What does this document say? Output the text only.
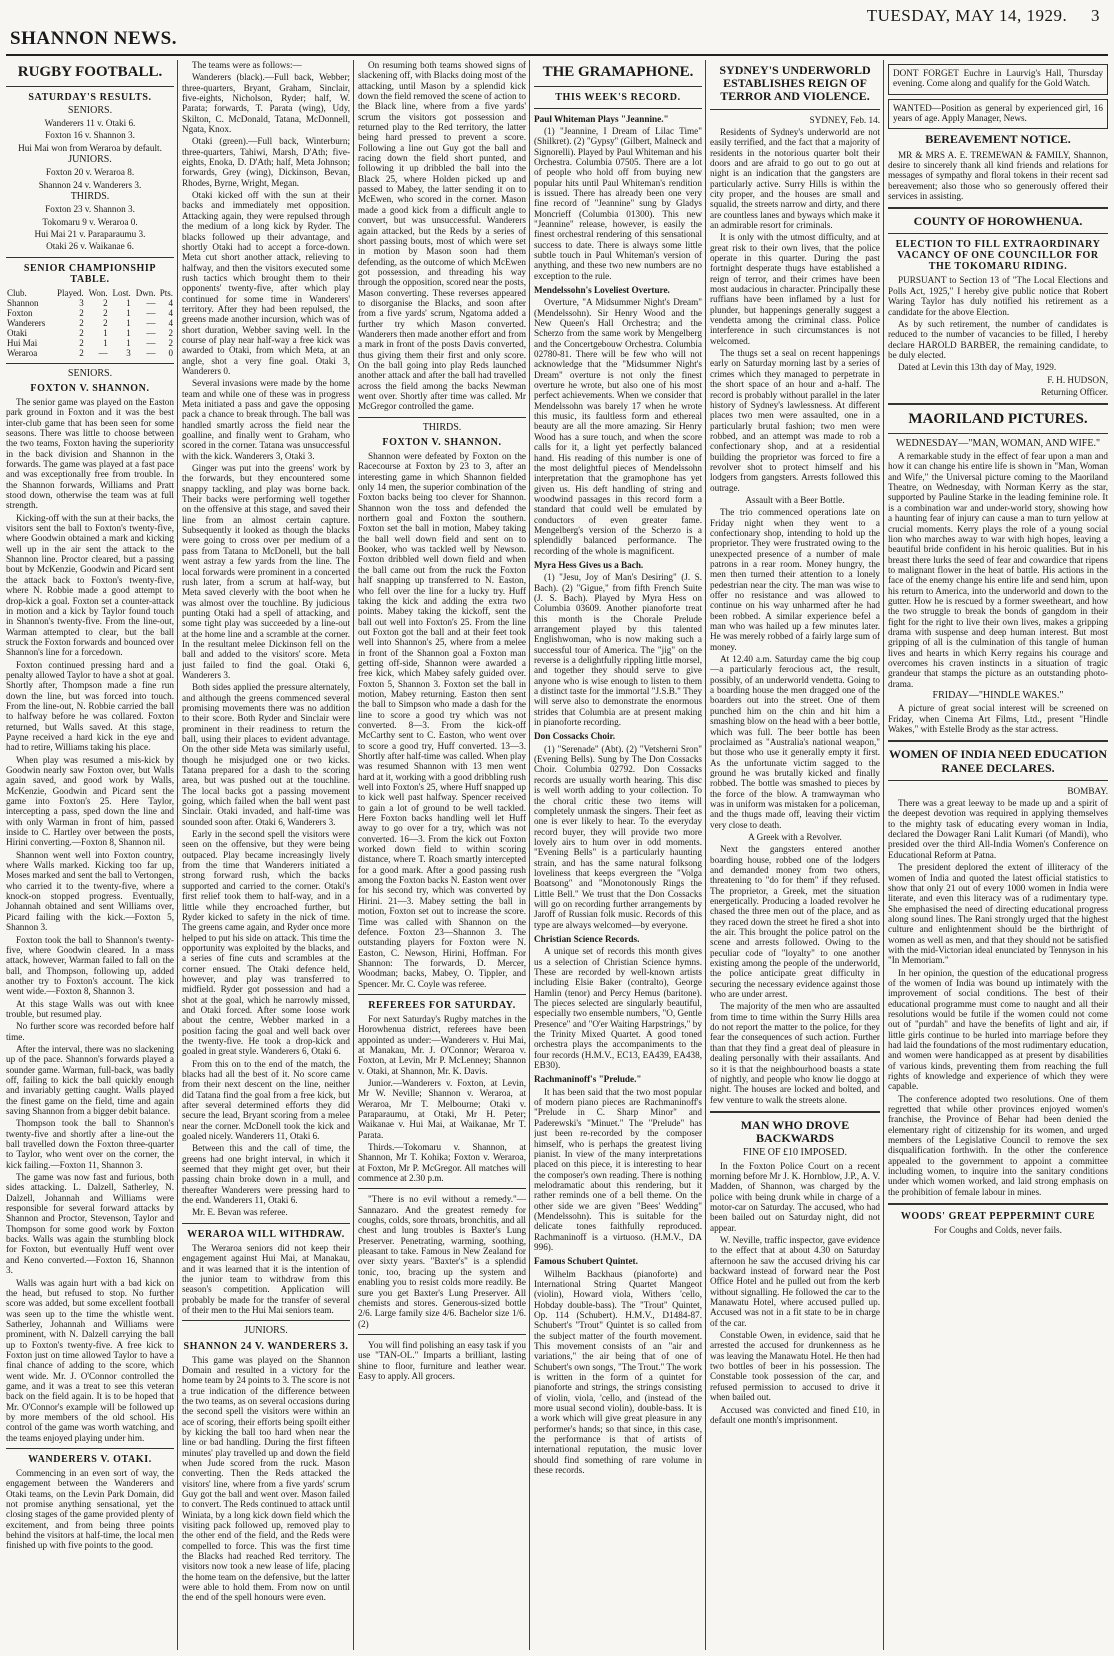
SHANNON NEWS.
TUESDAY, MAY 14, 1929. 3
RUGBY FOOTBALL.
SATURDAY'S RESULTS.
SENIORS.

Wanderers 11 v. Otaki 6.

Foxton 16 v. Shannon 3.

Hui Mai won from Weraroa by default.

JUNIORS.

Foxton 20 v. Weraroa 8.

Shannon 24 v. Wanderers 3.

THIRDS.

Foxton 23 v. Shannon 3.

Tokomaru 9 v. Weraroa 0.

Hui Mai 21 v. Paraparaumu 3.

Otaki 26 v. Waikanae 6.

SENIOR CHAMPIONSHIP TABLE.
Club.	Played.	Won.	Lost.	Dwn.	Pts.
Shannon	3	2	1	—	4
Foxton	2	2	1	—	4
Wanderers	2	2	1	—	4
Otaki	2	1	1	—	2
Hui Mai	2	1	1	—	2
Weraroa	2	—	3	—	0
SENIORS.
FOXTON V. SHANNON.

The senior game was played on the Easton park ground in Foxton and it was the best inter-club game that has been seen for some seasons. There was little to choose between the two teams, Foxton having the superiority in the back division and Shannon in the forwards. The game was played at a fast pace and was exceptionally free from trouble. In the Shannon forwards, Williams and Pratt stood down, otherwise the team was at full strength.

Kicking-off with the sun at their backs, the visitors sent the ball to Foxton's twenty-five, where Goodwin obtained a mark and kicking well up in the air sent the attack to the Shannon line. Proctor cleared, but a passing bout by McKenzie, Goodwin and Picard sent the attack back to Foxton's twenty-five, where N. Robbie made a good attempt to drop-kick a goal. Foxton set a counter-attack in motion and a kick by Taylor found touch in Shannon's twenty-five. From the line-out, Warman attempted to clear, but the ball struck the Foxton forwards and bounced over Shannon's line for a forcedown.

Foxton continued pressing hard and a penalty allowed Taylor to have a shot at goal. Shortly after, Thompson made a fine run down the line, but was forced into touch. From the line-out, N. Robbie carried the ball to halfway before he was collared. Foxton returned, but Walls saved. At this stage, Payne received a hard kick in the eye and had to retire, Williams taking his place.

When play was resumed a mis-kick by Goodwin nearly saw Foxton over, but Walls again saved, and good work by Walls, McKenzie, Goodwin and Picard sent the game into Foxton's 25. Here Taylor, intercepting a pass, sped down the line and with only Warman in front of him, passed inside to C. Hartley over between the posts, Hirini converting.—Foxton 8, Shannon nil.

Shannon went well into Foxton country, where Walls marked. Kicking too far up, Moses marked and sent the ball to Vertongen, who carried it to the twenty-five, where a knock-on stopped progress. Eventually, Johannah obtained and sent Williams over, Picard failing with the kick.—Foxton 5, Shannon 3.

Foxton took the ball to Shannon's twenty-five, where Goodwin cleared. In a mass attack, however, Warman failed to fall on the ball, and Thompson, following up, added another try to Foxton's account. The kick went wide.—Foxton 8, Shannon 3.

At this stage Walls was out with knee trouble, but resumed play.

No further score was recorded before half time.

After the interval, there was no slackening up of the pace. Shannon's forwards played a sounder game. Warman, full-back, was badly off, failing to kick the ball quickly enough and invariably getting caught. Walls played the finest game on the field, time and again saving Shannon from a bigger debit balance.

Thompson took the ball to Shannon's twenty-five and shortly after a line-out the ball travelled down the Foxton three-quarter to Taylor, who went over on the corner, the kick failing.—Foxton 11, Shannon 3.

The game was now fast and furious, both sides attacking. L. Dalzell, Satherley, N. Dalzell, Johannah and Williams were responsible for several forward attacks by Shannon and Proctor, Stevenson, Taylor and Thompson for some good work by Foxton backs. Walls was again the stumbling block for Foxton, but eventually Huff went over and Keno converted.—Foxton 16, Shannon 3.

Walls was again hurt with a bad kick on the head, but refused to stop. No further score was added, but some excellent football was seen up to the time the whistle went. Satherley, Johannah and Williams were prominent, with N. Dalzell carrying the ball up to Foxton's twenty-five. A free kick to Foxton just on time allowed Taylor to have a final chance of adding to the score, which went wide. Mr. J. O'Connor controlled the game, and it was a treat to see this veteran back on the field again. It is to be hoped that Mr. O'Connor's example will be followed up by more members of the old school. His control of the game was worth watching, and the teams enjoyed playing under him.

WANDERERS V. OTAKI.

Commencing in an even sort of way, the engagement between the Wanderers and Otaki teams, on the Levin Park Domain, did not promise anything sensational, yet the closing stages of the game provided plenty of excitement, and from being three points behind the visitors at half-time, the local men finished up with five points to the good.

The teams were as follows:—

Wanderers (black).—Full back, Webber; three-quarters, Bryant, Graham, Sinclair, five-eights, Nicholson, Ryder; half, W. Parata; forwards, T. Parata (wing), Udy, Skilton, C. McDonald, Tatana, McDonnell, Ngata, Knox.

Otaki (green).—Full back, Winterburn; three-quarters, Tahiwi, Marsh, D'Ath; five-eights, Enoka, D. D'Ath; half, Meta Johnson; forwards, Grey (wing), Dickinson, Bevan, Rhodes, Byrne, Wright, Megan.

Otaki kicked off with the sun at their backs and immediately met opposition. Attacking again, they were repulsed through the medium of a long kick by Ryder. The blacks followed up their advantage, and shortly Otaki had to accept a force-down. Meta cut short another attack, relieving to halfway, and then the visitors executed some rush tactics which brought them to their opponents' twenty-five, after which play continued for some time in Wanderers' territory. After they had been repulsed, the greens made another incursion, which was of short duration, Webber saving well. In the course of play near half-way a free kick was awarded to Otaki, from which Meta, at an angle, shot a very fine goal. Otaki 3, Wanderers 0.

Several invasions were made by the home team and while one of these was in progress Meta initiated a pass and gave the opposing pack a chance to break through. The ball was handled smartly across the field near the goalline, and finally went to Graham, who scored in the corner. Tatana was unsuccessful with the kick. Wanderers 3, Otaki 3.

Ginger was put into the greens' work by the forwards, but they encountered some snappy tackling, and play was borne back. Their backs were performing well together on the offensive at this stage, and saved their line from an almost certain capture. Subsequently it looked as though the blacks were going to cross over per medium of a pass from Tatana to McDonell, but the ball went astray a few yards from the line. The local forwards were prominent in a concerted rush later, from a scrum at half-way, but Meta saved cleverly with the boot when he was almost over the touchline. By judicious punting Otaki had a spell of attacking, and some tight play was succeeded by a line-out at the home line and a scramble at the corner. In the resultant melee Dickinson fell on the ball and added to the visitors' score. Meta just failed to find the goal. Otaki 6, Wanderers 3.

Both sides applied the pressure alternately, and although the greens commenced several promising movements there was no addition to their score. Both Ryder and Sinclair were prominent in their readiness to return the ball, using their places to evident advantage. On the other side Meta was similarly useful, though he misjudged one or two kicks. Tatana prepared for a dash to the scoring area, but was pushed out at the touchline. The local backs got a passing movement going, which failed when the ball went past Sinclair. Otaki invaded, and half-time was sounded soon after. Otaki 6, Wanderers 3.

Early in the second spell the visitors were seen on the offensive, but they were being outpaced. Play became increasingly lively from the time that Wanderers initiated a strong forward rush, which the backs supported and carried to the corner. Otaki's first relief took them to half-way, and in a little while they encroached further, but Ryder kicked to safety in the nick of time. The greens came again, and Ryder once more helped to put his side on attack. This time the opportunity was exploited by the blacks, and a series of fine cuts and scrambles at the corner ensued. The Otaki defence held, however, and play was transferred to midfield. Ryder got possession and had a shot at the goal, which he narrowly missed, and Otaki forced. After some loose work about the centre, Webber marked in a position facing the goal and well back over the twenty-five. He took a drop-kick and goaled in great style. Wanderers 6, Otaki 6.

From this on to the end of the match, the blacks had all the best of it. No score came from their next descent on the line, neither did Tatana find the goal from a free kick, but after several determined efforts they did secure the lead, Bryant scoring from a melee near the corner. McDonell took the kick and goaled nicely. Wanderers 11, Otaki 6.

Between this and the call of time, the greens had one bright interval, in which it seemed that they might get over, but their passing chain broke down in a mull, and thereafter Wanderers were pressing hard to the end. Wanderers 11, Otaki 6.

Mr. E. Bevan was referee.

WERAROA WILL WITHDRAW.

The Weraroa seniors did not keep their engagement against Hui Mai, at Manakau, and it was learned that it is the intention of the junior team to withdraw from this season's competition. Application will probably be made for the transfer of several of their men to the Hui Mai seniors team.

JUNIORS.
SHANNON 24 V. WANDERERS 3.

This game was played on the Shannon Domain and resulted in a victory for the home team by 24 points to 3. The score is not a true indication of the difference between the two teams, as on several occasions during the second spell the visitors were within an ace of scoring, their efforts being spoilt either by kicking the ball too hard when near the line or bad handling. During the first fifteen minutes' play travelled up and down the field when Jude scored from the ruck. Mason converting. Then the Reds attacked the visitors' line, where from a five yards' scrum Guy got the ball and went over. Mason failed to convert. The Reds continued to attack until Winiata, by a long kick down field which the visiting pack followed up, removed play to the other end of the field, and the Reds were compelled to force. This was the first time the Blacks had reached Red territory. The visitors now took a new lease of life, placing the home team on the defensive, but the latter were able to hold them. From now on until the end of the spell honours were even.

On resuming both teams showed signs of slackening off, with Blacks doing most of the attacking, until Mason by a splendid kick down the field removed the scene of action to the Black line, where from a five yards' scrum the visitors got possession and returned play to the Red territory, the latter being hard pressed to prevent a score. Following a line out Guy got the ball and racing down the field short punted, and following it up dribbled the ball into the Black 25, where Holden picked up and passed to Mabey, the latter sending it on to McEwen, who scored in the corner. Mason made a good kick from a difficult angle to convert, but was unsuccessful. Wanderers again attacked, but the Reds by a series of short passing bouts, most of which were set in motion by Mason soon had them defending, as the outcome of which McEwen got possession, and threading his way through the opposition, scored near the posts, Mason converting. These reverses appeared to disorganise the Blacks, and soon after from a five yards' scrum, Ngatoma added a further try which Mason converted. Wanderers then made another effort and from a mark in front of the posts Davis converted, thus giving them their first and only score. On the ball going into play Reds launched another attack and after the ball had travelled across the field among the backs Newman went over. Shortly after time was called. Mr McGregor controlled the game.

THIRDS.
FOXTON V. SHANNON.

Shannon were defeated by Foxton on the Racecourse at Foxton by 23 to 3, after an interesting game in which Shannon fielded only 14 men, the superior combination of the Foxton backs being too clever for Shannon. Shannon won the toss and defended the northern goal and Foxton the southern. Foxton set the ball in motion, Mabey taking the ball well down field and sent on to Booker, who was tackled well by Newson. Foxton dribbled well down field and when the ball came out from the ruck the Foxton half snapping up transferred to N. Easton, who fell over the line for a lucky try. Huff taking the kick and adding the extra two points. Mabey taking the kickoff, sent the ball out well into Foxton's 25. From the line out Foxton got the ball and at their feet took well into Shannon's 25, where from a melee in front of the Shannon goal a Foxton man getting off-side, Shannon were awarded a free kick, which Mabey safely guided over. Foxton 5, Shannon 3. Foxton set the ball in motion, Mabey returning. Easton then sent the ball to Simpson who made a dash for the line to score a good try which was not converted. 8—3. From the kick-off McCarthy sent to C. Easton, who went over to score a good try, Huff converted. 13—3. Shortly after half-time was called. When play was resumed Shannon with 13 men went hard at it, working with a good dribbling rush well into Foxton's 25, where Huff snapped up to kick well past halfway. Spencer received to gain a lot of ground to be well tackled. Here Foxton backs handling well let Huff away to go over for a try, which was not converted. 16—3. From the kick out Foxton worked down field to within scoring distance, where T. Roach smartly intercepted for a good mark. After a good passing rush among the Foxton backs N. Easton went over for his second try, which was converted by Hirini. 21—3. Mabey setting the ball in motion, Foxton set out to increase the score. Time was called with Shannon on the defence. Foxton 23—Shannon 3. The outstanding players for Foxton were N. Easton, C. Newson, Hirini, Hoffman. For Shannon: The forwards, D. Mercer, Woodman; backs, Mabey, O. Tippler, and Spencer. Mr. C. Coyle was referee.

REFEREES FOR SATURDAY.

For next Saturday's Rugby matches in the Horowhenua district, referees have been appointed as under:—Wanderers v. Hui Mai, at Manakau, Mr. J. O'Connor; Weraroa v. Foxton, at Levin, Mr P. McLenney; Shannon v. Otaki, at Shannon, Mr. K. Davis.

Junior.—Wanderers v. Foxton, at Levin, Mr W. Neville; Shannon v. Weraroa, at Weraroa, Mr T. Melbourne; Otaki v. Paraparaumu, at Otaki, Mr H. Peter; Waikanae v. Hui Mai, at Waikanae, Mr T. Parata.

Thirds.—Tokomaru v. Shannon, at Shannon, Mr T. Kohika; Foxton v. Weraroa, at Foxton, Mr P. McGregor. All matches will commence at 2.30 p.m.

"There is no evil without a remedy."—Sannazaro. And the greatest remedy for coughs, colds, sore throats, bronchitis, and all chest and lung troubles is Baxter's Lung Preserver. Penetrating, warming, soothing, pleasant to take. Famous in New Zealand for over sixty years. "Baxter's" is a splendid tonic, too, bracing up the system and enabling you to resist colds more readily. Be sure you get Baxter's Lung Preserver. All chemists and stores. Generous-sized bottle 2/6. Large family size 4/6. Bachelor size 1/6. (2)

You will find polishing an easy task if you use "TAN-OL." Imparts a brilliant, lasting shine to floor, furniture and leather wear. Easy to apply. All grocers.

THE GRAMAPHONE.
THIS WEEK'S RECORD.

Paul Whiteman Plays "Jeannine."

(1) "Jeannine, I Dream of Lilac Time" (Shilkret). (2) "Gypsy" (Gilbert, Malneck and Signorelli). Played by Paul Whiteman and his Orchestra. Columbia 07505. There are a lot of people who hold off from buying new popular hits until Paul Whiteman's rendition is issued. There has already been one very fine record of "Jeannine" sung by Gladys Moncrieff (Columbia 01300). This new "Jeannine" release, however, is easily the finest orchestral rendering of this sensational success to date. There is always some little subtle touch in Paul Whiteman's version of anything, and these two new numbers are no exception to the rule.

Mendelssohn's Loveliest Overture.

Overture, "A Midsummer Night's Dream" (Mendelssohn). Sir Henry Wood and the New Queen's Hall Orchestra; and the Scherzo from the same work by Mengelberg and the Concertgebouw Orchestra. Columbia 02780-81. There will be few who will not acknowledge that the "Midsummer Night's Dream" overture is not only the finest overture he wrote, but also one of his most perfect achievements. When we consider that Mendelssohn was barely 17 when he wrote this music, its faultless form and ethereal beauty are all the more amazing. Sir Henry Wood has a sure touch, and when the score calls for it, a light yet perfectly balanced hand. His reading of this number is one of the most delightful pieces of Mendelssohn interpretation that the gramophone has yet given us. His deft handling of string and woodwind passages in this record form a standard that could well be emulated by conductors of even greater fame. Mengelberg's version of the Scherzo is a splendidly balanced performance. The recording of the whole is magnificent.

Myra Hess Gives us a Bach.

(1) "Jesu, Joy of Man's Desiring" (J. S. Bach). (2) "Gigue," from fifth French Suite (J. S. Bach). Played by Myra Hess on Columbia 03609. Another pianoforte treat this month is the Chorale Prelude arrangement played by this talented Englishwoman, who is now making such a successful tour of America. The "jig" on the reverse is a delightfully rippling little morsel, and together they should serve to give anyone who is wise enough to listen to them a distinct taste for the immortal "J.S.B." They will serve also to demonstrate the enormous strides that Columbia are at present making in pianoforte recording.

Don Cossacks Choir.

(1) "Serenade" (Abt). (2) "Vetsherni Sron" (Evening Bells). Sung by The Don Cossacks Choir. Columbia 02792. Don Cossacks records are usually worth hearing. This disc is well worth adding to your collection. To the choral critic these two items will completely unmask the singers. Their feet as one is ever likely to hear. To the everyday record buyer, they will provide two more lovely airs to hum over in odd moments. "Evening Bells" is a particularly haunting strain, and has the same natural folksong loveliness that keeps evergreen the "Volga Boatsong" and "Monotonously Rings the Little Bell." We trust that the Don Cossacks will go on recording further arrangements by Jaroff of Russian folk music. Records of this type are always welcomed—by everyone.

Christian Science Records.

A unique set of records this month gives us a selection of Christian Science hymns. These are recorded by well-known artists including Elsie Baker (contralto), George Hamlin (tenor) and Percy Hemus (baritone). The pieces selected are singularly beautiful, especially two ensemble numbers, "O, Gentle Presence" and "O'er Waiting Harpstrings," by the Trinity Mixed Quartet. A good toned orchestra plays the accompaniments to the four records (H.M.V., EC13, EA439, EA438, EB30).

Rachmaninoff's "Prelude."

It has been said that the two most popular of modern piano pieces are Rachmaninoff's "Prelude in C. Sharp Minor" and Paderewski's "Minuet." The "Prelude" has just been re-recorded by the composer himself, who is perhaps the greatest living pianist. In view of the many interpretations placed on this piece, it is interesting to hear the composer's own reading. There is nothing melodramatic about this rendering, but it rather reminds one of a bell theme. On the other side we are given "Bees' Wedding" (Mendelssohn). This is suitable for the delicate tones faithfully reproduced. Rachmaninoff is a virtuoso. (H.M.V., DA 996).

Famous Schubert Quintet.

Wilhelm Backhaus (pianoforte) and International String Quartet Mangeot (violin), Howard viola, Withers 'cello, Hobday double-bass). The "Trout" Quintet, Op. 114 (Schubert). H.M.V., D1484-87. Schubert's "Trout" Quintet is so called from the subject matter of the fourth movement. This movement consists of an "air and variations," the air being that of one of Schubert's own songs, "The Trout." The work is written in the form of a quintet for pianoforte and strings, the strings consisting of violin, viola, 'cello, and (instead of the more usual second violin), double-bass. It is a work which will give great pleasure in any performer's hands; so that since, in this case, the performance is that of artists of international reputation, the music lover should find something of rare volume in these records.

SYDNEY'S UNDERWORLD ESTABLISHES REIGN OF TERROR AND VIOLENCE.

SYDNEY, Feb. 14.

Residents of Sydney's underworld are not easily terrified, and the fact that a majority of residents in the notorious quarter bolt their doors and are afraid to go out to go out at night is an indication that the gangsters are particularly active. Surry Hills is within the city proper, and the houses are small and squalid, the streets narrow and dirty, and there are countless lanes and byways which make it an admirable resort for criminals.

It is only with the utmost difficulty, and at great risk to their own lives, that the police operate in this quarter. During the past fortnight desperate thugs have established a reign of terror, and their crimes have been most audacious in character. Principally these ruffians have been inflamed by a lust for plunder, but happenings generally suggest a vendetta among the criminal class. Police interference in such circumstances is not welcomed.

The thugs set a seal on recent happenings early on Saturday morning last by a series of crimes which they managed to perpetrate in the short space of an hour and a-half. The record is probably without parallel in the later history of Sydney's lawlessness. At different places two men were assaulted, one in a particularly brutal fashion; two men were robbed, and an attempt was made to rob a confectionary shop, and at a residential building the proprietor was forced to fire a revolver shot to protect himself and his lodgers from gangsters. Arrests followed this outrage.

Assault with a Beer Bottle.

The trio commenced operations late on Friday night when they went to a confectionary shop, intending to hold up the proprietor. They were frustrated owing to the unexpected presence of a number of male patrons in a rear room. Money hungry, the men then turned their attention to a lonely pedestrian near the city. The man was wise to offer no resistance and was allowed to continue on his way unharmed after he had been robbed. A similar experience befel a man who was hailed up a few minutes later. He was merely robbed of a fairly large sum of money.

At 12.40 a.m. Saturday came the big coup—a particularly ferocious act, the result, possibly, of an underworld vendetta. Going to a boarding house the men dragged one of the boarders out into the street. One of them punched him on the chin and hit him a smashing blow on the head with a beer bottle, which was full. The beer bottle has been proclaimed as "Australia's national weapon," but those who use it generally empty it first. As the unfortunate victim sagged to the ground he was brutally kicked and finally robbed. The bottle was smashed to pieces by the force of the blow. A tramwayman who was in uniform was mistaken for a policeman, and the thugs made off, leaving their victim very close to death.

A Greek with a Revolver.

Next the gangsters entered another boarding house, robbed one of the lodgers and demanded money from two others, threatening to "do for them" if they refused. The proprietor, a Greek, met the situation energetically. Producing a loaded revolver he chased the three men out of the place, and as they raced down the street he fired a shot into the air. This brought the police patrol on the scene and arrests followed. Owing to the peculiar code of "loyalty" to one another existing among the people of the underworld, the police anticipate great difficulty in securing the necessary evidence against those who are under arrest.

The majority of the men who are assaulted from time to time within the Surry Hills area do not report the matter to the police, for they fear the consequences of such action. Further than that they find a great deal of pleasure in dealing personally with their assailants. And so it is that the neighbourhood boasts a state of nightly, and people who know lie doggo at night. The houses are locked and bolted, and few venture to walk the streets alone.

MAN WHO DROVE BACKWARDS
FINE OF £10 IMPOSED.

In the Foxton Police Court on a recent morning before Mr J. K. Hornblow, J.P., A. V. Madden, of Shannon, was charged by the police with being drunk while in charge of a motor-car on Saturday. The accused, who had been bailed out on Saturday night, did not appear.

W. Neville, traffic inspector, gave evidence to the effect that at about 4.30 on Saturday afternoon he saw the accused driving his car backward instead of forward near the Post Office Hotel and he pulled out from the kerb without signalling. He followed the car to the Manawatu Hotel, where accused pulled up. Accused was not in a fit state to be in charge of the car.

Constable Owen, in evidence, said that he arrested the accused for drunkenness as he was leaving the Manawatu Hotel. He then had two bottles of beer in his possession. The Constable took possession of the car, and refused permission to accused to drive it when bailed out.

Accused was convicted and fined £10, in default one month's imprisonment.

DONT FORGET Euchre in Laurvig's Hall, Thursday evening. Come along and qualify for the Gold Watch.

WANTED—Position as general by experienced girl, 16 years of age. Apply Manager, News.

BEREAVEMENT NOTICE.

MR & MRS A. E. TREMEWAN & FAMILY, Shannon, desire to sincerely thank all kind friends and relations for messages of sympathy and floral tokens in their recent sad bereavement; also those who so generously offered their services in assisting.

COUNTY OF HOROWHENUA.
ELECTION TO FILL EXTRAORDINARY VACANCY OF ONE COUNCILLOR FOR THE TOKOMARU RIDING.

PURSUANT to Section 13 of "The Local Elections and Polls Act, 1925," I hereby give public notice that Robert Waring Taylor has duly notified his retirement as a candidate for the above Election.

As by such retirement, the number of candidates is reduced to the number of vacancies to be filled, I hereby declare HAROLD BARBER, the remaining candidate, to be duly elected.

Dated at Levin this 13th day of May, 1929.

F. H. HUDSON,

Returning Officer.

MAORILAND PICTURES.
WEDNESDAY—"MAN, WOMAN, AND WIFE."

A remarkable study in the effect of fear upon a man and how it can change his entire life is shown in "Man, Woman and Wife," the Universal picture coming to the Maoriland Theatre, on Wednesday, with Norman Kerry as the star, supported by Pauline Starke in the leading feminine role. It is a combination war and under-world story, showing how a haunting fear of injury can cause a man to turn yellow at crucial moments. Kerry plays the role of a young social lion who marches away to war with high hopes, leaving a beautiful bride confident in his heroic qualities. But in his breast there lurks the seed of fear and cowardice that ripens to malignant flower in the heat of battle. His actions in the face of the enemy change his entire life and send him, upon his return to America, into the underworld and down to the gutter. How he is rescued by a former sweetheart, and how the two struggle to break the bonds of gangdom in their fight for the right to live their own lives, makes a gripping drama with suspense and deep human interest. But most gripping of all is the culmination of this tangle of human lives and hearts in which Kerry regains his courage and overcomes his craven instincts in a situation of tragic grandeur that stamps the picture as an outstanding photo-drama.

FRIDAY—"HINDLE WAKES."

A picture of great social interest will be screened on Friday, when Cinema Art Films, Ltd., present "Hindle Wakes," with Estelle Brody as the star actress.

WOMEN OF INDIA NEED EDUCATION RANEE DECLARES.

BOMBAY.

There was a great leeway to be made up and a spirit of the deepest devotion was required in applying themselves to the mighty task of educating every woman in India, declared the Dowager Rani Lalit Kumari (of Mandi), who presided over the third All-India Women's Conference on Educational Reform at Patna.

The president deplored the extent of illiteracy of the women of India and quoted the latest official statistics to show that only 21 out of every 1000 women in India were literate, and even this literacy was of a rudimentary type. She emphasised the need of directing educational progress along sound lines. The Rani strongly urged that the highest culture and enlightenment should be the birthright of women as well as men, and that they should not be satisfied with the mid-Victorian ideal enunciated by Tennyson in his "In Memoriam."

In her opinion, the question of the educational progress of the women of India was bound up intimately with the improvement of social conditions. The best of their educational programme must come to naught and all their resolutions would be futile if the women could not come out of "purdah" and have the benefits of light and air, if little girls continue to be hurled into marriage before they had laid the foundations of the most rudimentary education, and women were handicapped as at present by disabilities of various kinds, preventing them from reaching the full rights of knowledge and experience of which they were capable.

The conference adopted two resolutions. One of them regretted that while other provinces enjoyed women's franchise, the Province of Behar had been denied the elementary right of citizenship for its women, and urged members of the Legislative Council to remove the sex disqualification forthwith. In the other the conference appealed to the government to appoint a committee including women, to inquire into the sanitary conditions under which women worked, and laid strong emphasis on the prohibition of female labour in mines.

WOODS' GREAT PEPPERMINT CURE

For Coughs and Colds, never fails.
